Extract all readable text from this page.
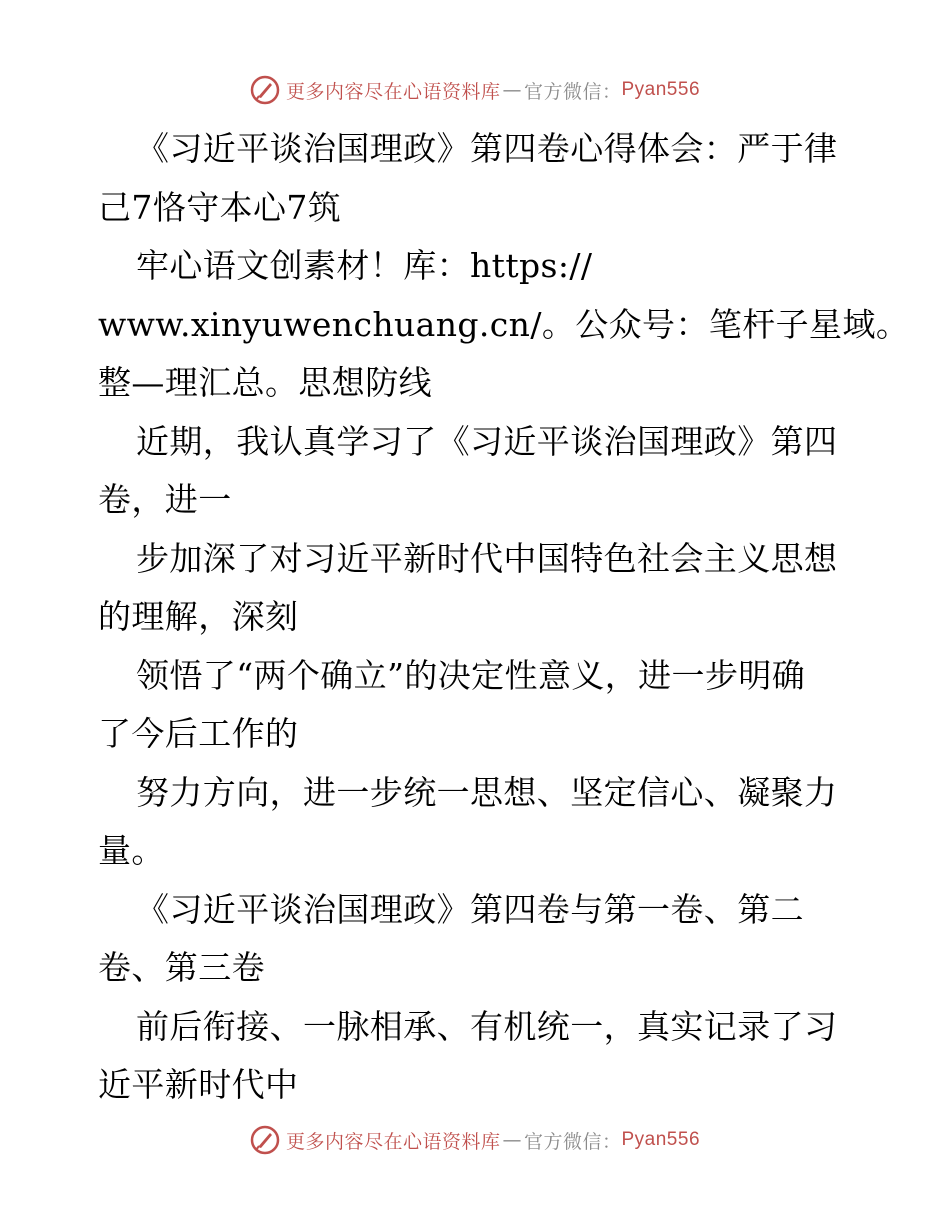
更多内容尽在心语资料库 — 官方微信： Pyan556
《习近平谈治国理政》第四卷心得体会：严于律
己7恪守本心7筑
牢心语文创素材！库：https://
www.xinyuwenchuang.cn/。公众号：笔杆子星域。
整—理汇总。思想防线
近期，我认真学习了《习近平谈治国理政》第四
卷，进一
步加深了对习近平新时代中国特色社会主义思想
的理解，深刻
领悟了“两个确立”的决定性意义，进一步明确
了今后工作的
努力方向，进一步统一思想、坚定信心、凝聚力
量。
《习近平谈治国理政》第四卷与第一卷、第二
卷、第三卷
前后衔接、一脉相承、有机统一，真实记录了习
近平新时代中
更多内容尽在心语资料库 — 官方微信： Pyan556
